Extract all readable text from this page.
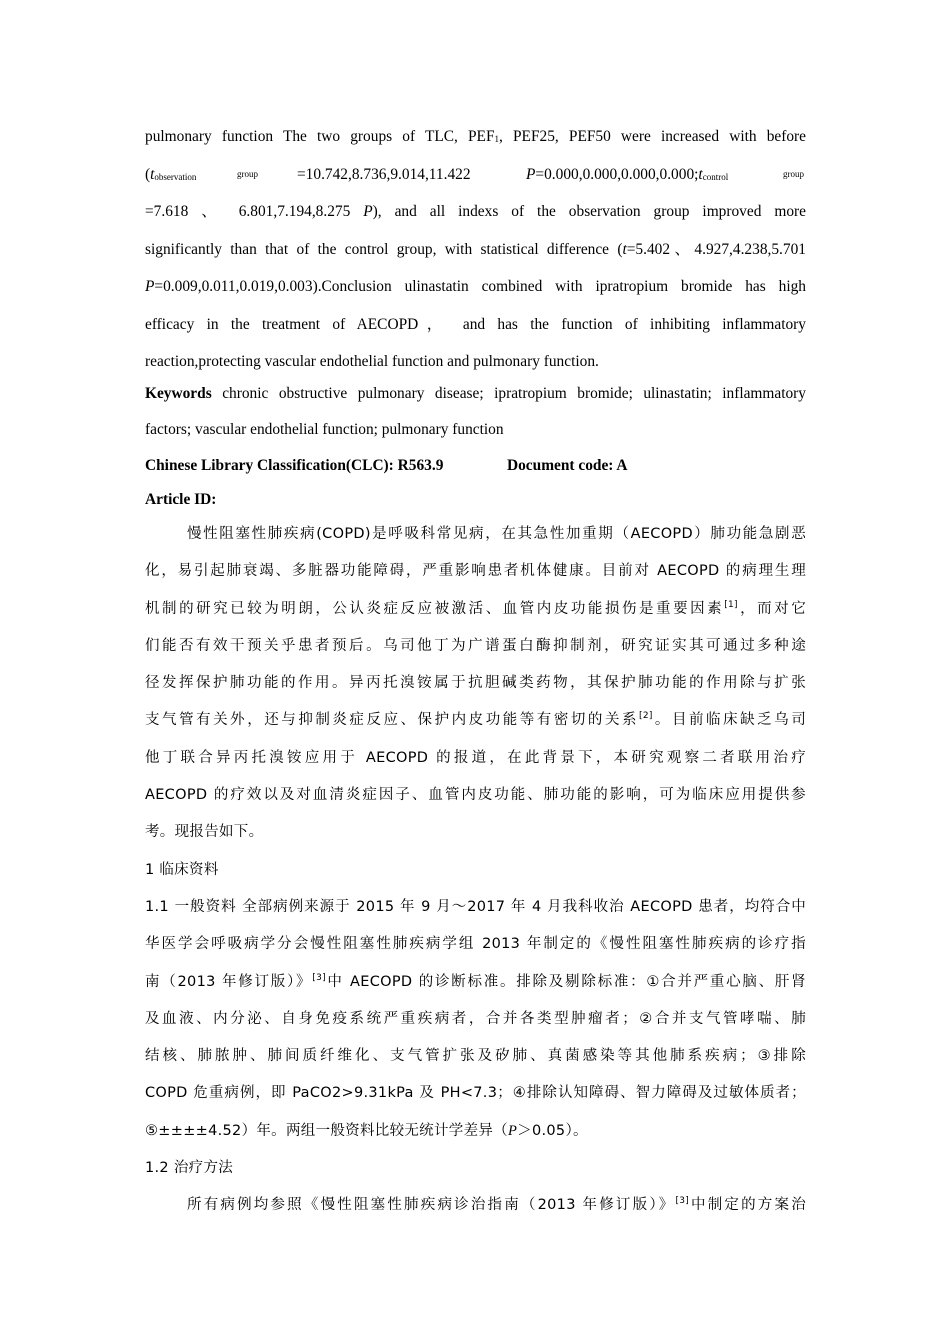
pulmonary function The two groups of TLC, $PEF_1$, PEF25, PEF50 were increased with before
($t_{observation}$	group	=10.742,8.736,9.014,11.422	$P=0.000,0.000,0.000,0.000;t_{control}$	group
=7.618 、 6.801,7.194,8.275 P), and all indexs of the observation group improved more
significantly than that of the control group, with statistical difference (t=5.402、4.927,4.238,5.701
P=0.009,0.011,0.019,0.003).Conclusion ulinastatin combined with ipratropium bromide has high
efficacy in the treatment of AECOPD， and has the function of inhibiting inflammatory
reaction,protecting vascular endothelial function and pulmonary function.
Keywords chronic obstructive pulmonary disease; ipratropium bromide; ulinastatin; inflammatory
factors; vascular endothelial function; pulmonary function
Chinese Library Classification(CLC): R563.9	Document code: A
Article ID:
慢性阻塞性肺疾病(COPD)是呼吸科常见病，在其急性加重期（AECOPD）肺功能急剧恶
化，易引起肺衰竭、多脏器功能障碍，严重影响患者机体健康。目前对 AECOPD 的病理生理
机制的研究已较为明朗，公认炎症反应被激活、血管内皮功能损伤是重要因素[1]，而对它
们能否有效干预关乎患者预后。乌司他丁为广谱蛋白酶抑制剂，研究证实其可通过多种途
径发挥保护肺功能的作用。异丙托溴铵属于抗胆碱类药物，其保护肺功能的作用除与扩张
支气管有关外，还与抑制炎症反应、保护内皮功能等有密切的关系[2]。目前临床缺乏乌司
他丁联合异丙托溴铵应用于 AECOPD 的报道，在此背景下，本研究观察二者联用治疗
AECOPD 的疗效以及对血清炎症因子、血管内皮功能、肺功能的影响，可为临床应用提供参
考。现报告如下。
1 临床资料
1.1 一般资料 全部病例来源于 2015 年 9 月～2017 年 4 月我科收治 AECOPD 患者，均符合中
华医学会呼吸病学分会慢性阻塞性肺疾病学组 2013 年制定的《慢性阻塞性肺疾病的诊疗指
南（2013 年修订版）》[3]中 AECOPD 的诊断标准。排除及剔除标准：①合并严重心脑、肝肾
及血液、内分泌、自身免疫系统严重疾病者，合并各类型肿瘤者；②合并支气管哮喘、肺
结核、肺脓肿、肺间质纤维化、支气管扩张及矽肺、真菌感染等其他肺系疾病；③排除
COPD 危重病例，即 PaCO2>9.31kPa 及 PH<7.3；④排除认知障碍、智力障碍及过敏体质者；
⑤±±±±4.52）年。两组一般资料比较无统计学差异（P＞0.05）。
1.2 治疗方法
所有病例均参照《慢性阻塞性肺疾病诊治指南（2013 年修订版）》[3]中制定的方案治
